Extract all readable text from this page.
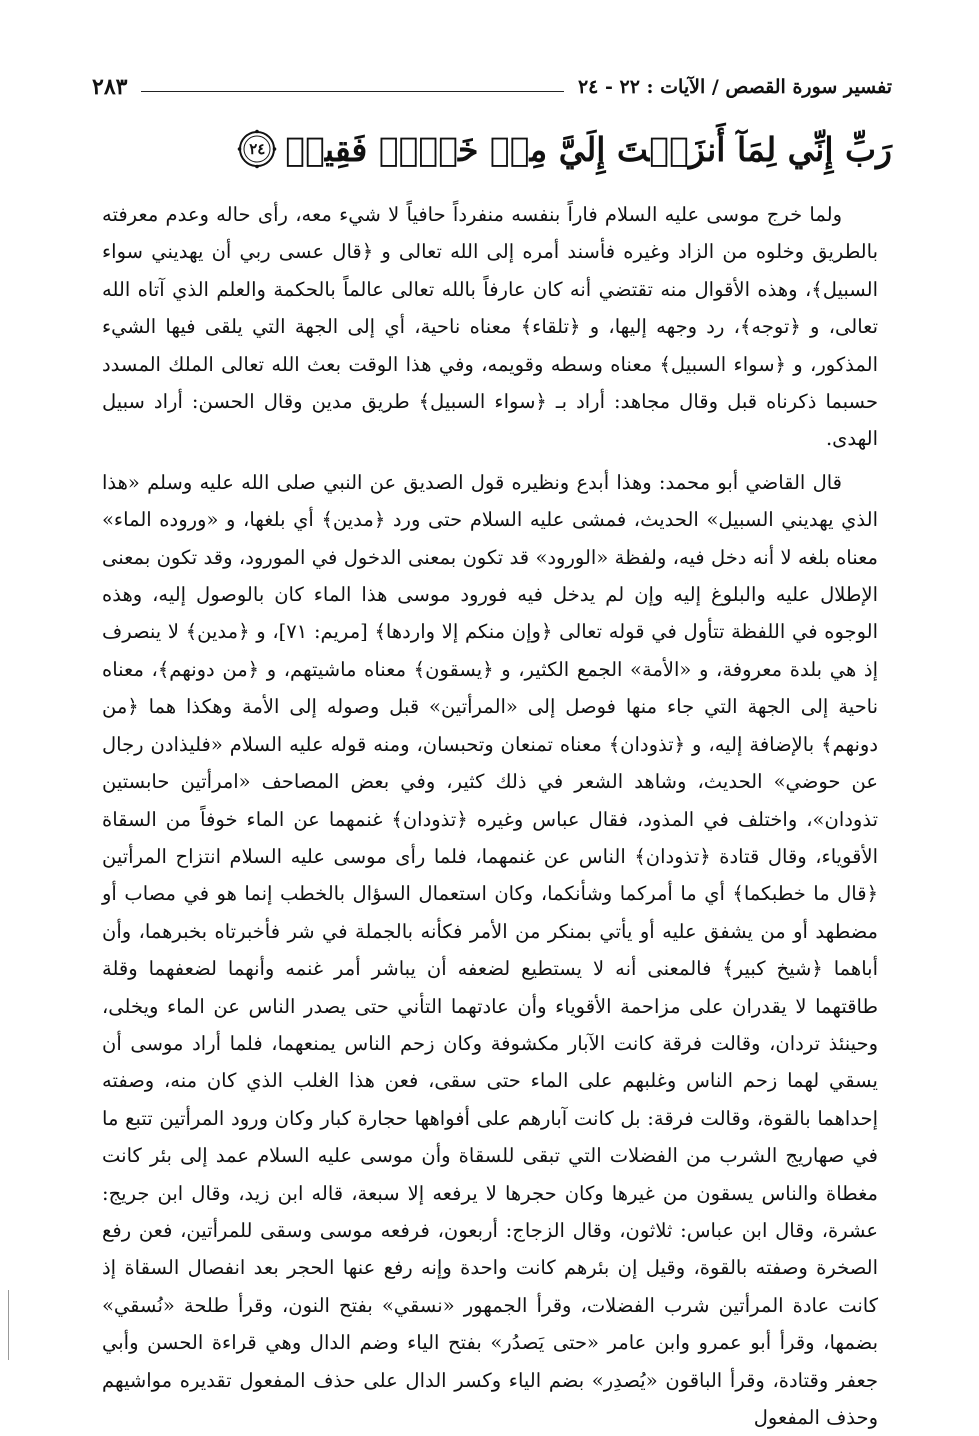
تفسير سورة القصص / الآيات : ٢٢ - ٢٤
٢٨٣
رَبِّ إِنِّي لِمَآ أَنزَلۡتَ إِلَيَّ مِنۡ خَيۡرٖ فَقِيرٞ
٢٤

ولما خرج موسى عليه السلام فاراً بنفسه منفرداً حافياً لا شيء معه، رأى حاله وعدم معرفته بالطريق وخلوه من الزاد وغيره فأسند أمره إلى الله تعالى و ﴿قال عسى ربي أن يهديني سواء السبيل﴾، وهذه الأقوال منه تقتضي أنه كان عارفاً بالله تعالى عالماً بالحكمة والعلم الذي آتاه الله تعالى، و ﴿توجه﴾، رد وجهه إليها، و ﴿تلقاء﴾ معناه ناحية، أي إلى الجهة التي يلقى فيها الشيء المذكور، و ﴿سواء السبيل﴾ معناه وسطه وقويمه، وفي هذا الوقت بعث الله تعالى الملك المسدد حسبما ذكرناه قبل وقال مجاهد: أراد بـ ﴿سواء السبيل﴾ طريق مدين وقال الحسن: أراد سبيل الهدى.

قال القاضي أبو محمد: وهذا أبدع ونظيره قول الصديق عن النبي صلى الله عليه وسلم «هذا الذي يهديني السبيل» الحديث، فمشى عليه السلام حتى ورد ﴿مدين﴾ أي بلغها، و «وروده الماء» معناه بلغه لا أنه دخل فيه، ولفظة «الورود» قد تكون بمعنى الدخول في المورود، وقد تكون بمعنى الإطلال عليه والبلوغ إليه وإن لم يدخل فيه فورود موسى هذا الماء كان بالوصول إليه، وهذه الوجوه في اللفظة تتأول في قوله تعالى ﴿وإن منكم إلا واردها﴾ [مريم: ٧١]، و ﴿مدين﴾ لا ينصرف إذ هي بلدة معروفة، و «الأمة» الجمع الكثير، و ﴿يسقون﴾ معناه ماشيتهم، و ﴿من دونهم﴾، معناه ناحية إلى الجهة التي جاء منها فوصل إلى «المرأتين» قبل وصوله إلى الأمة وهكذا هما ﴿من دونهم﴾ بالإضافة إليه، و ﴿تذودان﴾ معناه تمنعان وتحبسان، ومنه قوله عليه السلام «فليذادن رجال عن حوضي» الحديث، وشاهد الشعر في ذلك كثير، وفي بعض المصاحف «امرأتين حابستين تذودان»، واختلف في المذود، فقال عباس وغيره ﴿تذودان﴾ غنمهما عن الماء خوفاً من السقاة الأقوياء، وقال قتادة ﴿تذودان﴾ الناس عن غنمهما، فلما رأى موسى عليه السلام انتزاح المرأتين ﴿قال ما خطبكما﴾ أي ما أمركما وشأنكما، وكان استعمال السؤال بالخطب إنما هو في مصاب أو مضطهد أو من يشفق عليه أو يأتي بمنكر من الأمر فكأنه بالجملة في شر فأخبرتاه بخبرهما، وأن أباهما ﴿شيخ كبير﴾ فالمعنى أنه لا يستطيع لضعفه أن يباشر أمر غنمه وأنهما لضعفهما وقلة طاقتهما لا يقدران على مزاحمة الأقوياء وأن عادتهما التأني حتى يصدر الناس عن الماء ويخلى، وحينئذ تردان، وقالت فرقة كانت الآبار مكشوفة وكان زحم الناس يمنعهما، فلما أراد موسى أن يسقي لهما زحم الناس وغلبهم على الماء حتى سقى، فعن هذا الغلب الذي كان منه، وصفته إحداهما بالقوة، وقالت فرقة: بل كانت آبارهم على أفواهها حجارة كبار وكان ورود المرأتين تتبع ما في صهاريج الشرب من الفضلات التي تبقى للسقاة وأن موسى عليه السلام عمد إلى بئر كانت مغطاة والناس يسقون من غيرها وكان حجرها لا يرفعه إلا سبعة، قاله ابن زيد، وقال ابن جريج: عشرة، وقال ابن عباس: ثلاثون، وقال الزجاج: أربعون، فرفعه موسى وسقى للمرأتين، فعن رفع الصخرة وصفته بالقوة، وقيل إن بئرهم كانت واحدة وإنه رفع عنها الحجر بعد انفصال السقاة إذ كانت عادة المرأتين شرب الفضلات، وقرأ الجمهور «نسقي» بفتح النون، وقرأ طلحة «نُسقي» بضمها، وقرأ أبو عمرو وابن عامر «حتى يَصدُر» بفتح الياء وضم الدال وهي قراءة الحسن وأبي جعفر وقتادة، وقرأ الباقون «يُصدِر» بضم الياء وكسر الدال على حذف المفعول تقديره مواشيهم وحذف المفعول
